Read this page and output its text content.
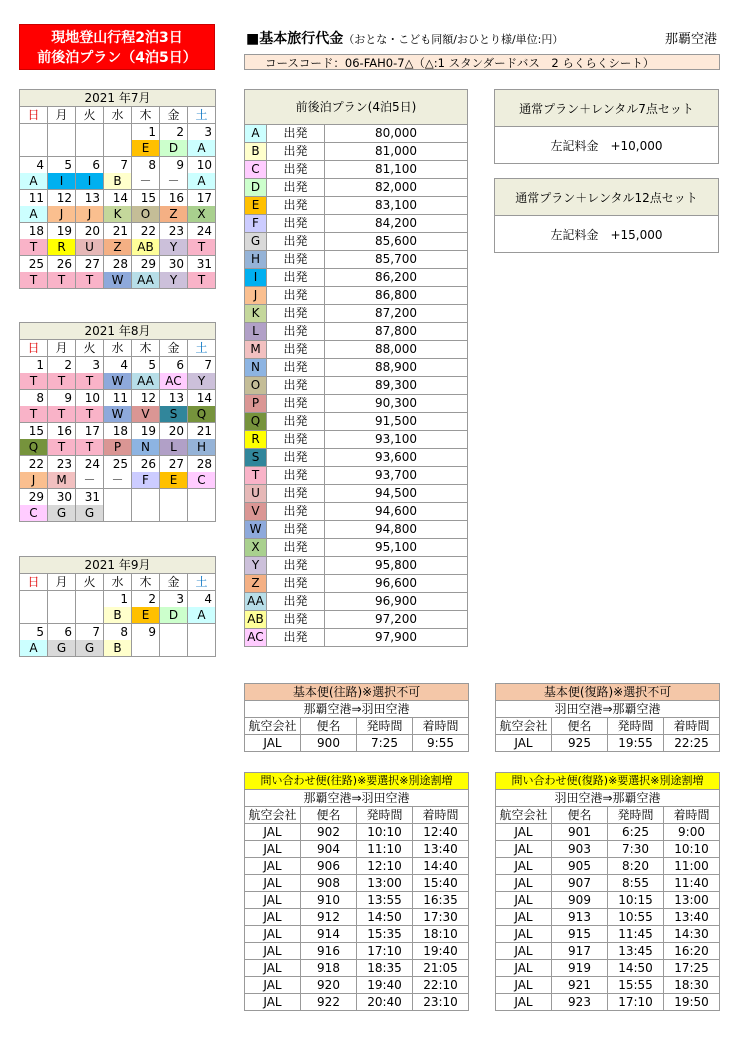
現地登山行程2泊3日
前後泊プラン（4泊5日）
■基本旅行代金（おとな・こども同額/おひとり様/単位:円）	那覇空港
コースコード：06-FAH0-7△（△:1 スタンダードバス　2 らくらくシート）
2021 年7月						
日	月	火	水	木	金	土
				1	2	3
				E	D	A
4	5	6	7	8	9	10
A	I	I	B	－	－	A
11	12	13	14	15	16	17
A	J	J	K	O	Z	X
18	19	20	21	22	23	24
T	R	U	Z	AB	Y	T
25	26	27	28	29	30	31
T	T	T	W	AA	Y	T
2021 年8月						
日	月	火	水	木	金	土
1	2	3	4	5	6	7
T	T	T	W	AA	AC	Y
8	9	10	11	12	13	14
T	T	T	W	V	S	Q
15	16	17	18	19	20	21
Q	T	T	P	N	L	H
22	23	24	25	26	27	28
J	M	－	－	F	E	C
29	30	31				
C	G	G				
2021 年9月						
日	月	火	水	木	金	土
			1	2	3	4
			B	E	D	A
5	6	7	8	9		
A	G	G	B			
前後泊プラン(4泊5日)		
A	出発	80,000
B	出発	81,000
C	出発	81,100
D	出発	82,000
E	出発	83,100
F	出発	84,200
G	出発	85,600
H	出発	85,700
I	出発	86,200
J	出発	86,800
K	出発	87,200
L	出発	87,800
M	出発	88,000
N	出発	88,900
O	出発	89,300
P	出発	90,300
Q	出発	91,500
R	出発	93,100
S	出発	93,600
T	出発	93,700
U	出発	94,500
V	出発	94,600
W	出発	94,800
X	出発	95,100
Y	出発	95,800
Z	出発	96,600
AA	出発	96,900
AB	出発	97,200
AC	出発	97,900
通常プラン＋レンタル7点セット
左記料金　+10,000
通常プラン＋レンタル12点セット
左記料金　+15,000
基本便(往路)※選択不可			
那覇空港⇒羽田空港			
航空会社	便名	発時間	着時間
JAL	900	7:25	9:55
基本便(復路)※選択不可			
羽田空港⇒那覇空港			
航空会社	便名	発時間	着時間
JAL	925	19:55	22:25
問い合わせ便(往路)※要選択※別途割増			
那覇空港⇒羽田空港			
航空会社	便名	発時間	着時間
JAL	902	10:10	12:40
JAL	904	11:10	13:40
JAL	906	12:10	14:40
JAL	908	13:00	15:40
JAL	910	13:55	16:35
JAL	912	14:50	17:30
JAL	914	15:35	18:10
JAL	916	17:10	19:40
JAL	918	18:35	21:05
JAL	920	19:40	22:10
JAL	922	20:40	23:10
問い合わせ便(復路)※要選択※別途割増			
羽田空港⇒那覇空港			
航空会社	便名	発時間	着時間
JAL	901	6:25	9:00
JAL	903	7:30	10:10
JAL	905	8:20	11:00
JAL	907	8:55	11:40
JAL	909	10:15	13:00
JAL	913	10:55	13:40
JAL	915	11:45	14:30
JAL	917	13:45	16:20
JAL	919	14:50	17:25
JAL	921	15:55	18:30
JAL	923	17:10	19:50
